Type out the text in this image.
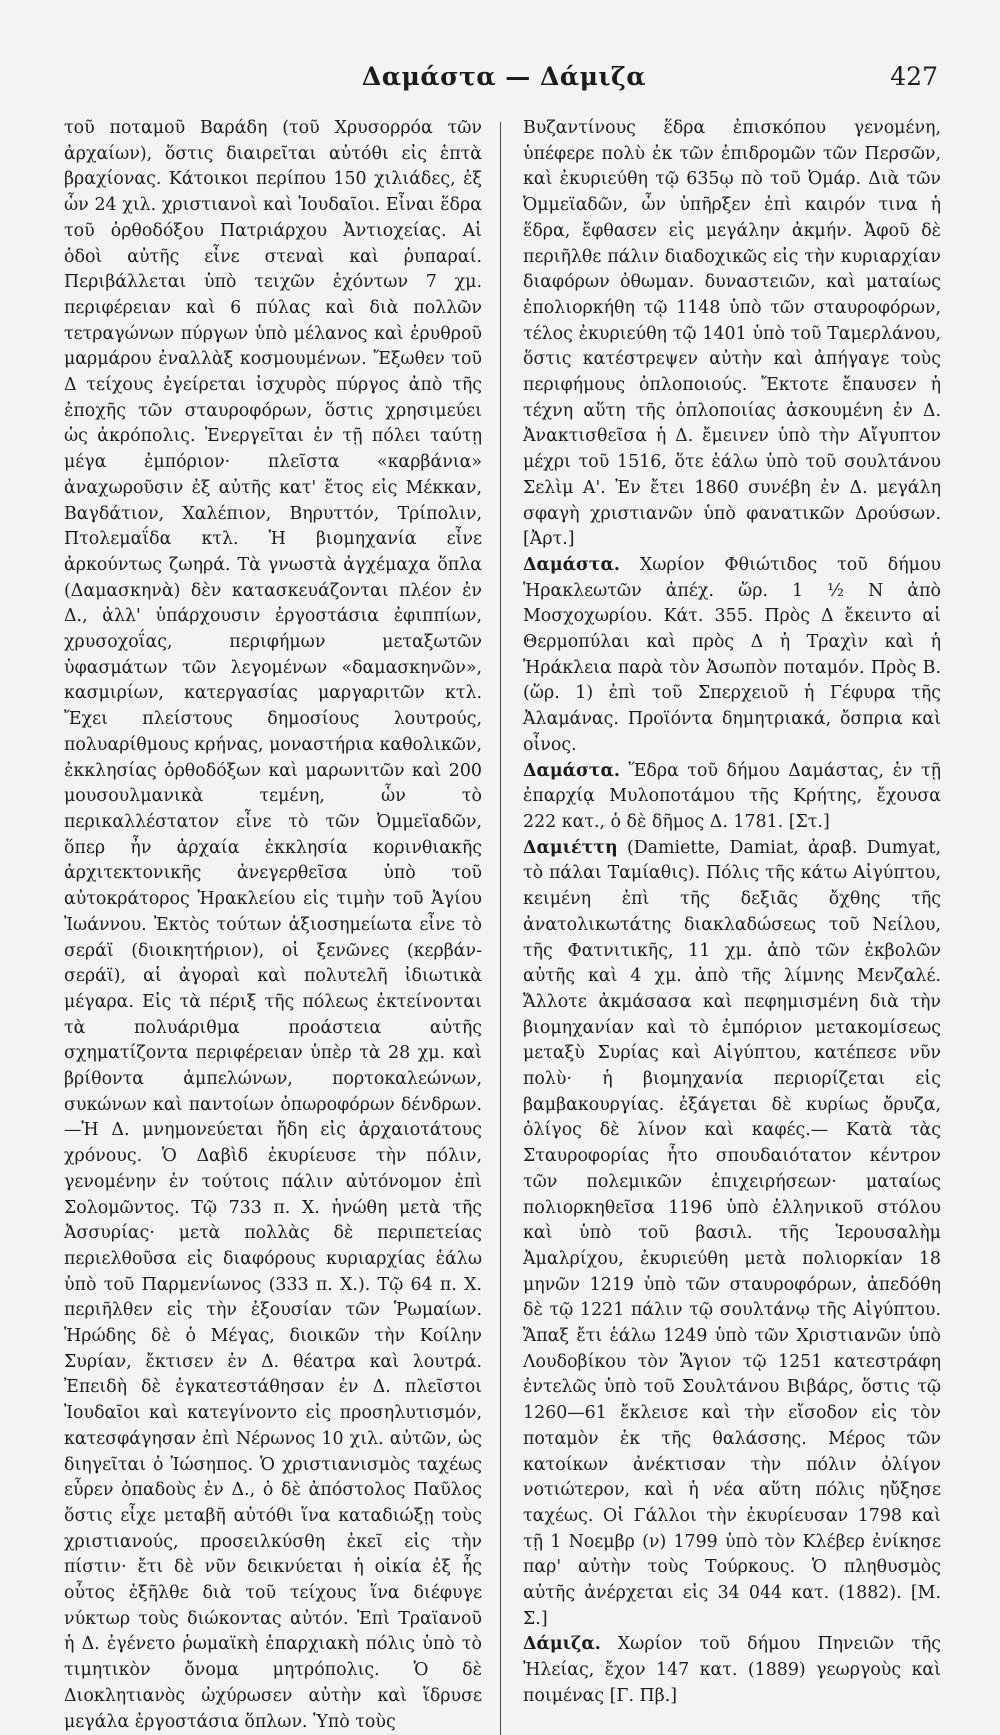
Δαμάστα — Δάμιζα	427

τοῦ ποταμοῦ Βαράδη (τοῦ Χρυσορρόα τῶν ἀρχαίων), ὅστις διαιρεῖται αὐτόθι εἰς ἑπτὰ βραχίονας. Κάτοικοι περίπου 150 χιλιάδες, ἐξ ὧν 24 χιλ. χριστιανοὶ καὶ Ἰουδαῖοι. Εἶναι ἕδρα τοῦ ὀρθοδόξου Πατριάρχου Ἀντιοχείας. Αἱ ὁδοὶ αὐτῆς εἶνε στεναὶ καὶ ῥυπαραί. Περιβάλλεται ὑπὸ τειχῶν ἐχόντων 7 χμ. περιφέρειαν καὶ 6 πύλας καὶ διὰ πολλῶν τετραγώνων πύργων ὑπὸ μέλανος καὶ ἐρυθροῦ μαρμάρου ἐναλλὰξ κοσμουμένων. Ἔξωθεν τοῦ Δ τείχους ἐγείρεται ἰσχυρὸς πύργος ἀπὸ τῆς ἐποχῆς τῶν σταυροφόρων, ὅστις χρησιμεύει ὡς ἀκρόπολις. Ἐνεργεῖται ἐν τῇ πόλει ταύτῃ μέγα ἐμπόριον· πλεῖστα «καρβάνια» ἀναχωροῦσιν ἐξ αὐτῆς κατ' ἔτος εἰς Μέκκαν, Βαγδάτιον, Χαλέπιον, Βηρυττόν, Τρίπολιν, Πτολεμαΐδα κτλ. Ἡ βιομηχανία εἶνε ἀρκούντως ζωηρά. Τὰ γνωστὰ ἀγχέμαχα ὅπλα (Δαμασκηνὰ) δὲν κατασκευάζονται πλέον ἐν Δ., ἀλλ' ὑπάρχουσιν ἐργοστάσια ἐφιππίων, χρυσοχοΐας, περιφήμων μεταξωτῶν ὑφασμάτων τῶν λεγομένων «δαμασκηνῶν», κασμιρίων, κατεργασίας μαργαριτῶν κτλ. Ἔχει πλείστους δημοσίους λουτρούς, πολυαρίθμους κρήνας, μοναστήρια καθολικῶν, ἐκκλησίας ὀρθοδόξων καὶ μαρωνιτῶν καὶ 200 μουσουλμανικὰ τεμένη, ὧν τὸ περικαλλέστατον εἶνε τὸ τῶν Ὀμμεϊαδῶν, ὅπερ ἦν ἀρχαία ἐκκλησία κορινθιακῆς ἀρχιτεκτονικῆς ἀνεγερθεῖσα ὑπὸ τοῦ αὐτοκράτορος Ἡρακλείου εἰς τιμὴν τοῦ Ἁγίου Ἰωάννου. Ἐκτὸς τούτων ἀξιοσημείωτα εἶνε τὸ σεράϊ (διοικητήριον), οἱ ξενῶνες (κερβάν-σεράϊ), αἱ ἀγοραὶ καὶ πολυτελῆ ἰδιωτικὰ μέγαρα. Εἰς τὰ πέριξ τῆς πόλεως ἐκτείνονται τὰ πολυάριθμα προάστεια αὐτῆς σχηματίζοντα περιφέρειαν ὑπὲρ τὰ 28 χμ. καὶ βρίθοντα ἀμπελώνων, πορτοκαλεώνων, συκώνων καὶ παντοίων ὀπωροφόρων δένδρων.—Ἡ Δ. μνημονεύεται ἤδη εἰς ἀρχαιοτάτους χρόνους. Ὁ Δαβὶδ ἐκυρίευσε τὴν πόλιν, γενομένην ἐν τούτοις πάλιν αὐτόνομον ἐπὶ Σολομῶντος. Τῷ 733 π. Χ. ἡνώθη μετὰ τῆς Ἀσσυρίας· μετὰ πολλὰς δὲ περιπετείας περιελθοῦσα εἰς διαφόρους κυριαρχίας ἑάλω ὑπὸ τοῦ Παρμενίωνος (333 π. Χ.). Τῷ 64 π. Χ. περιῆλθεν εἰς τὴν ἐξουσίαν τῶν Ῥωμαίων. Ἡρώδης δὲ ὁ Μέγας, διοικῶν τὴν Κοίλην Συρίαν, ἔκτισεν ἐν Δ. θέατρα καὶ λουτρά. Ἐπειδὴ δὲ ἐγκατεστάθησαν ἐν Δ. πλεῖστοι Ἰουδαῖοι καὶ κατεγίνοντο εἰς προσηλυτισμόν, κατεσφάγησαν ἐπὶ Νέρωνος 10 χιλ. αὐτῶν, ὡς διηγεῖται ὁ Ἰώσηπος. Ὁ χριστιανισμὸς ταχέως εὗρεν ὀπαδοὺς ἐν Δ., ὁ δὲ ἀπόστολος Παῦλος ὅστις εἶχε μεταβῆ αὐτόθι ἵνα καταδιώξῃ τοὺς χριστιανούς, προσειλκύσθη ἐκεῖ εἰς τὴν πίστιν· ἔτι δὲ νῦν δεικνύεται ἡ οἰκία ἐξ ἧς οὗτος ἐξῆλθε διὰ τοῦ τείχους ἵνα διέφυγε νύκτωρ τοὺς διώκοντας αὐτόν. Ἐπὶ Τραϊανοῦ ἡ Δ. ἐγένετο ῥωμαϊκὴ ἐπαρχιακὴ πόλις ὑπὸ τὸ τιμητικὸν ὄνομα μητρόπολις. Ὁ δὲ Διοκλητιανὸς ὠχύρωσεν αὐτὴν καὶ ἵδρυσε μεγάλα ἐργοστάσια ὅπλων. Ὑπὸ τοὺς

Βυζαντίνους ἕδρα ἐπισκόπου γενομένη, ὑπέφερε πολὺ ἐκ τῶν ἐπιδρομῶν τῶν Περσῶν, καὶ ἐκυριεύθη τῷ 635ῳ πὸ τοῦ Ὀμάρ. Διὰ τῶν Ὀμμεϊαδῶν, ὧν ὑπῆρξεν ἐπὶ καιρόν τινα ἡ ἕδρα, ἔφθασεν εἰς μεγάλην ἀκμήν. Ἀφοῦ δὲ περιῆλθε πάλιν διαδοχικῶς εἰς τὴν κυριαρχίαν διαφόρων ὀθωμαν. δυναστειῶν, καὶ ματαίως ἐπολιορκήθη τῷ 1148 ὑπὸ τῶν σταυροφόρων, τέλος ἐκυριεύθη τῷ 1401 ὑπὸ τοῦ Ταμερλάνου, ὅστις κατέστρεψεν αὐτὴν καὶ ἀπήγαγε τοὺς περιφήμους ὁπλοποιούς. Ἔκτοτε ἔπαυσεν ἡ τέχνη αὕτη τῆς ὁπλοποιίας ἀσκουμένη ἐν Δ. Ἀνακτισθεῖσα ἡ Δ. ἔμεινεν ὑπὸ τὴν Αἴγυπτον μέχρι τοῦ 1516, ὅτε ἑάλω ὑπὸ τοῦ σουλτάνου Σελὶμ Α'. Ἐν ἔτει 1860 συνέβη ἐν Δ. μεγάλη σφαγὴ χριστιανῶν ὑπὸ φανατικῶν Δρούσων. [Ἀρτ.]

Δαμάστα. Χωρίον Φθιώτιδος τοῦ δήμου Ἡρακλεωτῶν ἀπέχ. ὥρ. 1 ½ Ν ἀπὸ Μοσχοχωρίου. Κάτ. 355. Πρὸς Δ ἔκειντο αἱ Θερμοπύλαι καὶ πρὸς Δ ἡ Τραχὶν καὶ ἡ Ἡράκλεια παρὰ τὸν Ἀσωπὸν ποταμόν. Πρὸς Β. (ὥρ. 1) ἐπὶ τοῦ Σπερχειοῦ ἡ Γέφυρα τῆς Ἀλαμάνας. Προϊόντα δημητριακά, ὄσπρια καὶ οἶνος.

Δαμάστα. Ἕδρα τοῦ δήμου Δαμάστας, ἐν τῇ ἐπαρχίᾳ Μυλοποτάμου τῆς Κρήτης, ἔχουσα 222 κατ., ὁ δὲ δῆμος Δ. 1781. [Στ.]

Δαμιέττη (Damiette, Damiat, ἀραβ. Dumyat, τὸ πάλαι Ταμίαθις). Πόλις τῆς κάτω Αἰγύπτου, κειμένη ἐπὶ τῆς δεξιᾶς ὄχθης τῆς ἀνατολικωτάτης διακλαδώσεως τοῦ Νείλου, τῆς Φατνιτικῆς, 11 χμ. ἀπὸ τῶν ἐκβολῶν αὐτῆς καὶ 4 χμ. ἀπὸ τῆς λίμνης Μενζαλέ. Ἄλλοτε ἀκμάσασα καὶ πεφημισμένη διὰ τὴν βιομηχανίαν καὶ τὸ ἐμπόριον μετακομίσεως μεταξὺ Συρίας καὶ Αἰγύπτου, κατέπεσε νῦν πολὺ· ἡ βιομηχανία περιορίζεται εἰς βαμβακουργίας. ἐξάγεται δὲ κυρίως ὄρυζα, ὀλίγος δὲ λίνον καὶ καφές.— Κατὰ τὰς Σταυροφορίας ἦτο σπουδαιότατον κέντρον τῶν πολεμικῶν ἐπιχειρήσεων· ματαίως πολιορκηθεῖσα 1196 ὑπὸ ἑλληνικοῦ στόλου καὶ ὑπὸ τοῦ βασιλ. τῆς Ἱερουσαλὴμ Ἀμαλρίχου, ἐκυριεύθη μετὰ πολιορκίαν 18 μηνῶν 1219 ὑπὸ τῶν σταυροφόρων, ἀπεδόθη δὲ τῷ 1221 πάλιν τῷ σουλτάνῳ τῆς Αἰγύπτου. Ἅπαξ ἔτι ἑάλω 1249 ὑπὸ τῶν Χριστιανῶν ὑπὸ Λουδοβίκου τὸν Ἅγιον τῷ 1251 κατεστράφη ἐντελῶς ὑπὸ τοῦ Σουλτάνου Βιβάρς, ὅστις τῷ 1260—61 ἔκλεισε καὶ τὴν εἴσοδον εἰς τὸν ποταμὸν ἐκ τῆς θαλάσσης. Μέρος τῶν κατοίκων ἀνέκτισαν τὴν πόλιν ὀλίγον νοτιώτερον, καὶ ἡ νέα αὕτη πόλις ηὔξησε ταχέως. Οἱ Γάλλοι τὴν ἐκυρίευσαν 1798 καὶ τῇ 1 Νοεμβρ (ν) 1799 ὑπὸ τὸν Κλέβερ ἐνίκησε παρ' αὐτὴν τοὺς Τούρκους. Ὁ πληθυσμὸς αὐτῆς ἀνέρχεται εἰς 34 044 κατ. (1882). [Μ. Σ.]

Δάμιζα. Χωρίον τοῦ δήμου Πηνειῶν τῆς Ἠλείας, ἔχον 147 κατ. (1889) γεωργοὺς καὶ ποιμένας [Γ. Πβ.]
